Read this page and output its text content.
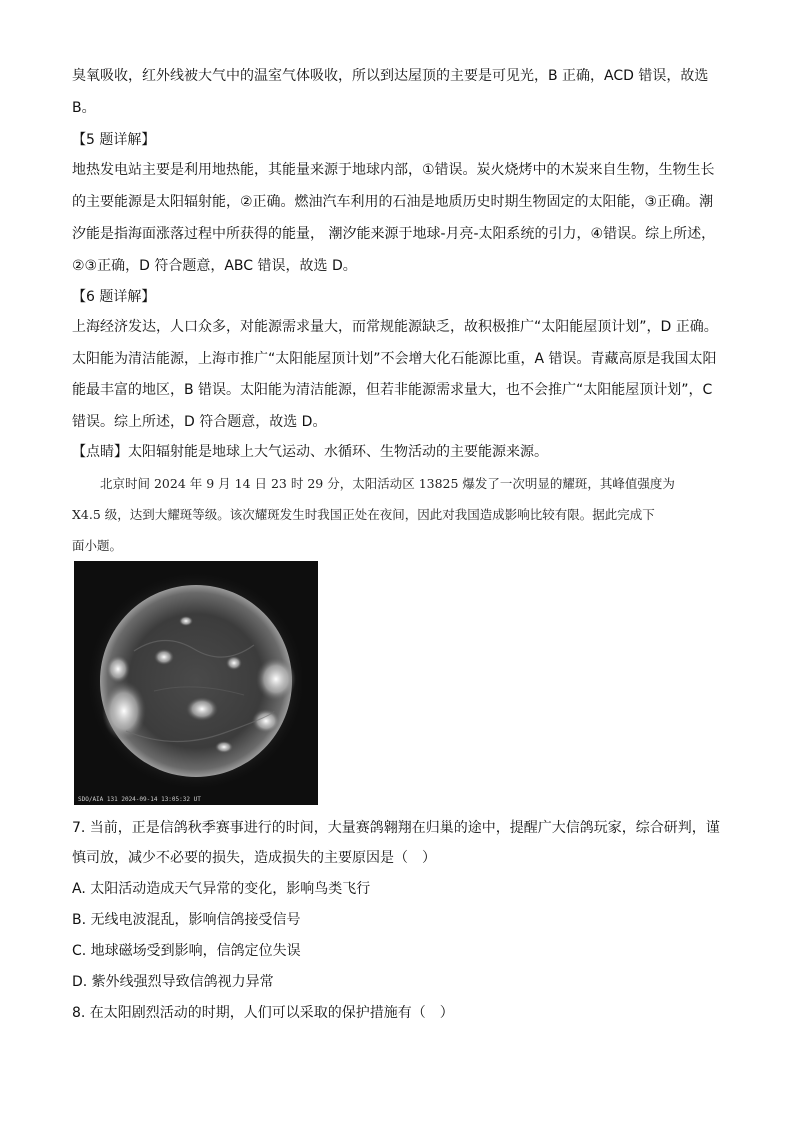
臭氧吸收，红外线被大气中的温室气体吸收，所以到达屋顶的主要是可见光，B 正确，ACD 错误，故选
B。
【5 题详解】
地热发电站主要是利用地热能，其能量来源于地球内部，①错误。炭火烧烤中的木炭来自生物，生物生长
的主要能源是太阳辐射能，②正确。燃油汽车利用的石油是地质历史时期生物固定的太阳能，③正确。潮
汐能是指海面涨落过程中所获得的能量， 潮汐能来源于地球-月亮-太阳系统的引力，④错误。综上所述，
②③正确，D 符合题意，ABC 错误，故选 D。
【6 题详解】
上海经济发达，人口众多，对能源需求量大，而常规能源缺乏，故积极推广“太阳能屋顶计划”，D 正确。
太阳能为清洁能源，上海市推广“太阳能屋顶计划”不会增大化石能源比重，A 错误。青藏高原是我国太阳
能最丰富的地区，B 错误。太阳能为清洁能源，但若非能源需求量大，也不会推广“太阳能屋顶计划”，C
错误。综上所述，D 符合题意，故选 D。
【点睛】太阳辐射能是地球上大气运动、水循环、生物活动的主要能源来源。
北京时间 2024 年 9 月 14 日 23 时 29 分，太阳活动区 13825 爆发了一次明显的耀斑，其峰值强度为
X4.5 级，达到大耀斑等级。该次耀斑发生时我国正处在夜间，因此对我国造成影响比较有限。据此完成下
面小题。
SDO/AIA 131 2024-09-14 13:05:32 UT
7. 当前，正是信鸽秋季赛事进行的时间，大量赛鸽翱翔在归巢的途中，提醒广大信鸽玩家，综合研判，谨
慎司放，减少不必要的损失，造成损失的主要原因是（　）
A. 太阳活动造成天气异常的变化，影响鸟类飞行
B. 无线电波混乱，影响信鸽接受信号
C. 地球磁场受到影响，信鸽定位失误
D. 紫外线强烈导致信鸽视力异常
8. 在太阳剧烈活动的时期，人们可以采取的保护措施有（　）
